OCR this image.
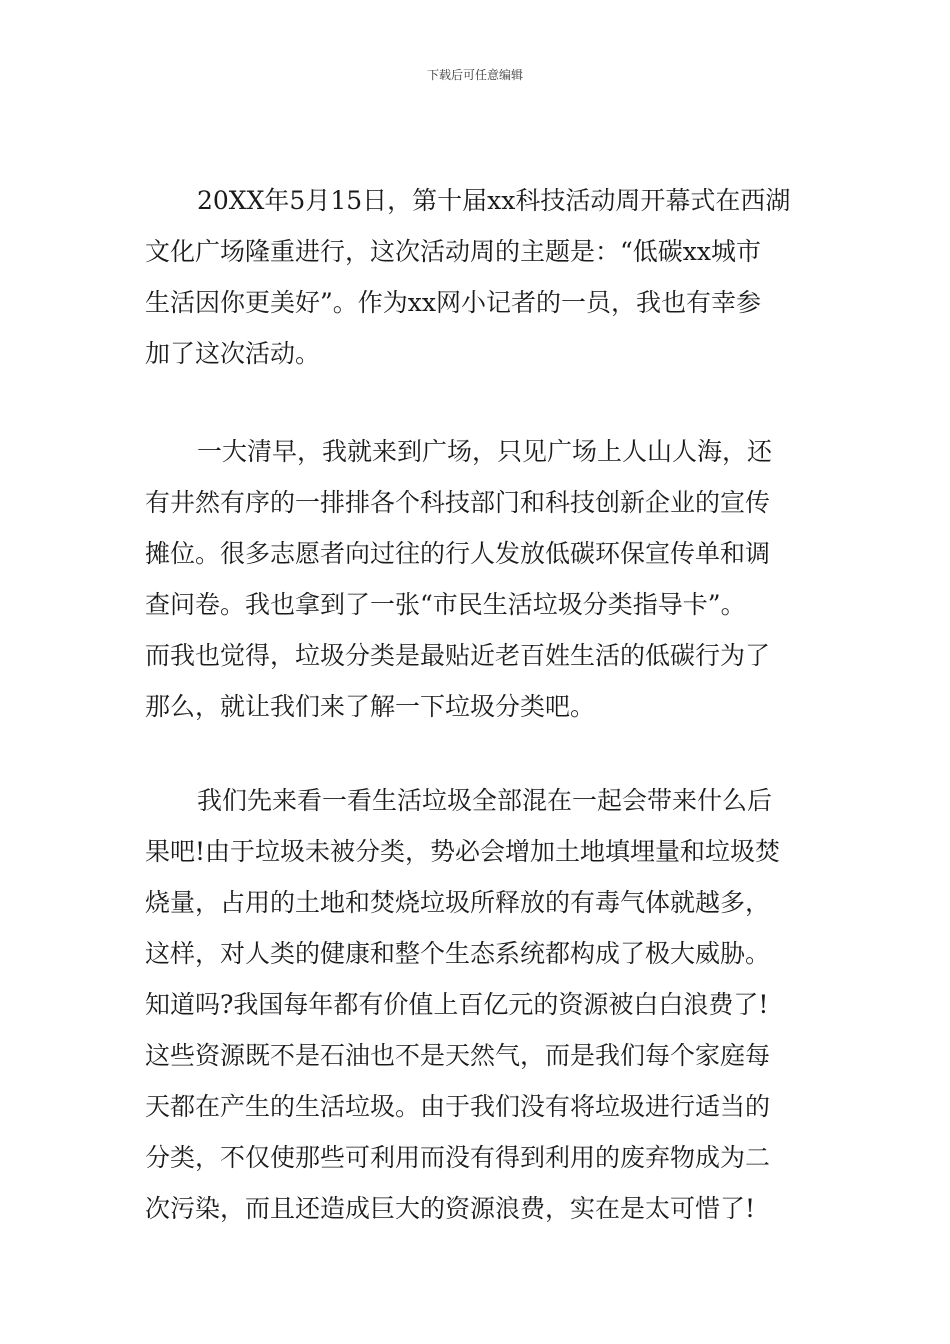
下载后可任意编辑
20XX年5月15日，第十届xx科技活动周开幕式在西湖
文化广场隆重进行，这次活动周的主题是：“低碳xx城市
生活因你更美好”。作为xx网小记者的一员，我也有幸参
加了这次活动。
一大清早，我就来到广场，只见广场上人山人海，还
有井然有序的一排排各个科技部门和科技创新企业的宣传
摊位。很多志愿者向过往的行人发放低碳环保宣传单和调
查问卷。我也拿到了一张“市民生活垃圾分类指导卡”。
而我也觉得，垃圾分类是最贴近老百姓生活的低碳行为了
那么，就让我们来了解一下垃圾分类吧。
我们先来看一看生活垃圾全部混在一起会带来什么后
果吧!由于垃圾未被分类，势必会增加土地填埋量和垃圾焚
烧量，占用的土地和焚烧垃圾所释放的有毒气体就越多，
这样，对人类的健康和整个生态系统都构成了极大威胁。
知道吗?我国每年都有价值上百亿元的资源被白白浪费了!
这些资源既不是石油也不是天然气，而是我们每个家庭每
天都在产生的生活垃圾。由于我们没有将垃圾进行适当的
分类，不仅使那些可利用而没有得到利用的废弃物成为二
次污染，而且还造成巨大的资源浪费，实在是太可惜了!
